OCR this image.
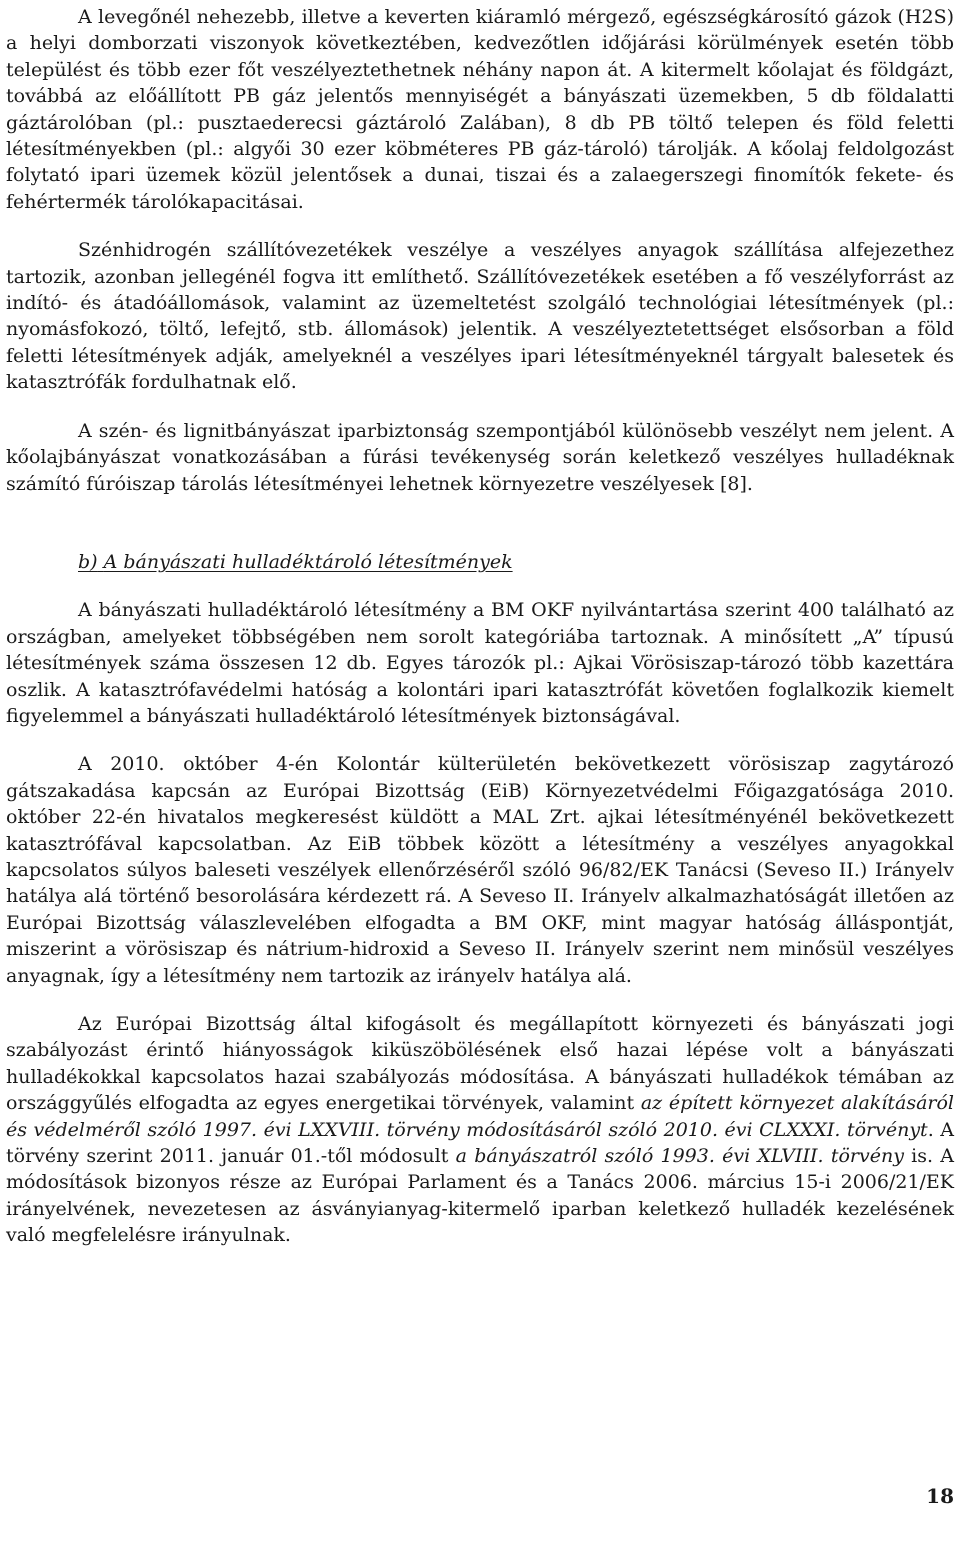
A levegőnél nehezebb, illetve a keverten kiáramló mérgező, egészségkárosító gázok (H2S) a helyi domborzati viszonyok következtében, kedvezőtlen időjárási körülmények esetén több települést és több ezer főt veszélyeztethetnek néhány napon át. A kitermelt kőolajat és földgázt, továbbá az előállított PB gáz jelentős mennyiségét a bányászati üzemekben, 5 db földalatti gáztárolóban (pl.: pusztaederecsi gáztároló Zalában), 8 db PB töltő telepen és föld feletti létesítményekben (pl.: algyői 30 ezer köbméteres PB gáz-tároló) tárolják. A kőolaj feldolgozást folytató ipari üzemek közül jelentősek a dunai, tiszai és a zalaegerszegi finomítók fekete- és fehértermék tárolókapacitásai.

Szénhidrogén szállítóvezetékek veszélye a veszélyes anyagok szállítása alfejezethez tartozik, azonban jellegénél fogva itt említhető. Szállítóvezetékek esetében a fő veszélyforrást az indító- és átadóállomások, valamint az üzemeltetést szolgáló technológiai létesítmények (pl.: nyomásfokozó, töltő, lefejtő, stb. állomások) jelentik. A veszélyeztetettséget elsősorban a föld feletti létesítmények adják, amelyeknél a veszélyes ipari létesítményeknél tárgyalt balesetek és katasztrófák fordulhatnak elő.

A szén- és lignitbányászat iparbiztonság szempontjából különösebb veszélyt nem jelent. A kőolajbányászat vonatkozásában a fúrási tevékenység során keletkező veszélyes hulladéknak számító fúróiszap tárolás létesítményei lehetnek környezetre veszélyesek [8].

b) A bányászati hulladéktároló létesítmények

A bányászati hulladéktároló létesítmény a BM OKF nyilvántartása szerint 400 található az országban, amelyeket többségében nem sorolt kategóriába tartoznak. A minősített „A” típusú létesítmények száma összesen 12 db. Egyes tározók pl.: Ajkai Vörösiszap-tározó több kazettára oszlik. A katasztrófavédelmi hatóság a kolontári ipari katasztrófát követően foglalkozik kiemelt figyelemmel a bányászati hulladéktároló létesítmények biztonságával.

A 2010. október 4-én Kolontár külterületén bekövetkezett vörösiszap zagytározó gátszakadása kapcsán az Európai Bizottság (EiB) Környezetvédelmi Főigazgatósága 2010. október 22-én hivatalos megkeresést küldött a MAL Zrt. ajkai létesítményénél bekövetkezett katasztrófával kapcsolatban. Az EiB többek között a létesítmény a veszélyes anyagokkal kapcsolatos súlyos baleseti veszélyek ellenőrzéséről szóló 96/82/EK Tanácsi (Seveso II.) Irányelv hatálya alá történő besorolására kérdezett rá. A Seveso II. Irányelv alkalmazhatóságát illetően az Európai Bizottság válaszlevelében elfogadta a BM OKF, mint magyar hatóság álláspontját, miszerint a vörösiszap és nátrium-hidroxid a Seveso II. Irányelv szerint nem minősül veszélyes anyagnak, így a létesítmény nem tartozik az irányelv hatálya alá.

Az Európai Bizottság által kifogásolt és megállapított környezeti és bányászati jogi szabályozást érintő hiányosságok kiküszöbölésének első hazai lépése volt a bányászati hulladékokkal kapcsolatos hazai szabályozás módosítása. A bányászati hulladékok témában az országgyűlés elfogadta az egyes energetikai törvények, valamint az épített környezet alakításáról és védelméről szóló 1997. évi LXXVIII. törvény módosításáról szóló 2010. évi CLXXXI. törvényt. A törvény szerint 2011. január 01.-től módosult a bányászatról szóló 1993. évi XLVIII. törvény is. A módosítások bizonyos része az Európai Parlament és a Tanács 2006. március 15-i 2006/21/EK irányelvének, nevezetesen az ásványianyag-kitermelő iparban keletkező hulladék kezelésének való megfelelésre irányulnak.

18
